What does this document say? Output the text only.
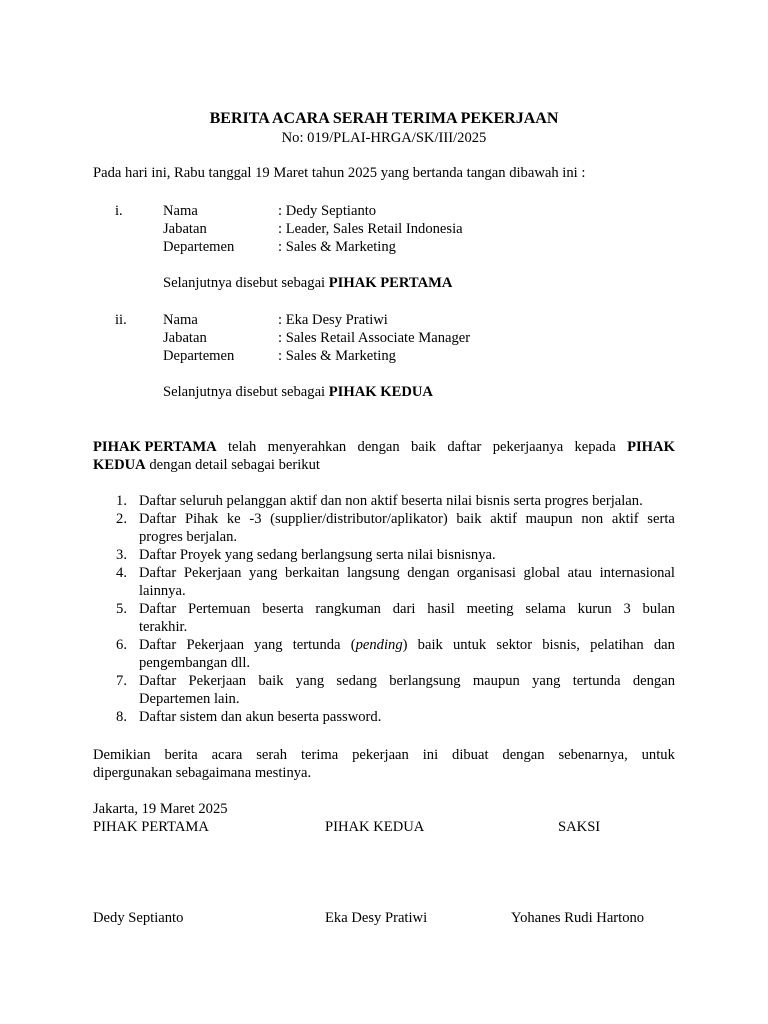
BERITA ACARA SERAH TERIMA PEKERJAAN
No: 019/PLAI-HRGA/SK/III/2025
Pada hari ini, Rabu tanggal 19 Maret tahun 2025 yang bertanda tangan dibawah ini :
i.	Nama	: Dedy Septianto
Jabatan	: Leader, Sales Retail Indonesia
Departemen	: Sales & Marketing
Selanjutnya disebut sebagai PIHAK PERTAMA
ii. Nama	: Eka Desy Pratiwi
Jabatan	: Sales Retail Associate Manager
Departemen	: Sales & Marketing
Selanjutnya disebut sebagai PIHAK KEDUA
PIHAK PERTAMA telah menyerahkan dengan baik daftar pekerjaanya kepada PIHAK
KEDUA dengan detail sebagai berikut
1. Daftar seluruh pelanggan aktif dan non aktif beserta nilai bisnis serta progres berjalan.
2. Daftar Pihak ke -3 (supplier/distributor/aplikator) baik aktif maupun non aktif serta
progres berjalan.
3. Daftar Proyek yang sedang berlangsung serta nilai bisnisnya.
4. Daftar Pekerjaan yang berkaitan langsung dengan organisasi global atau internasional
lainnya.
5. Daftar Pertemuan beserta rangkuman dari hasil meeting selama kurun 3 bulan
terakhir.
6. Daftar Pekerjaan yang tertunda (pending) baik untuk sektor bisnis, pelatihan dan
pengembangan dll.
7. Daftar Pekerjaan baik yang sedang berlangsung maupun yang tertunda dengan
Departemen lain.
8. Daftar sistem dan akun beserta password.
Demikian berita acara serah terima pekerjaan ini dibuat dengan sebenarnya, untuk
dipergunakan sebagaimana mestinya.
Jakarta, 19 Maret 2025
PIHAK PERTAMA	PIHAK KEDUA	SAKSI
Dedy Septianto	Eka Desy Pratiwi	Yohanes Rudi Hartono
